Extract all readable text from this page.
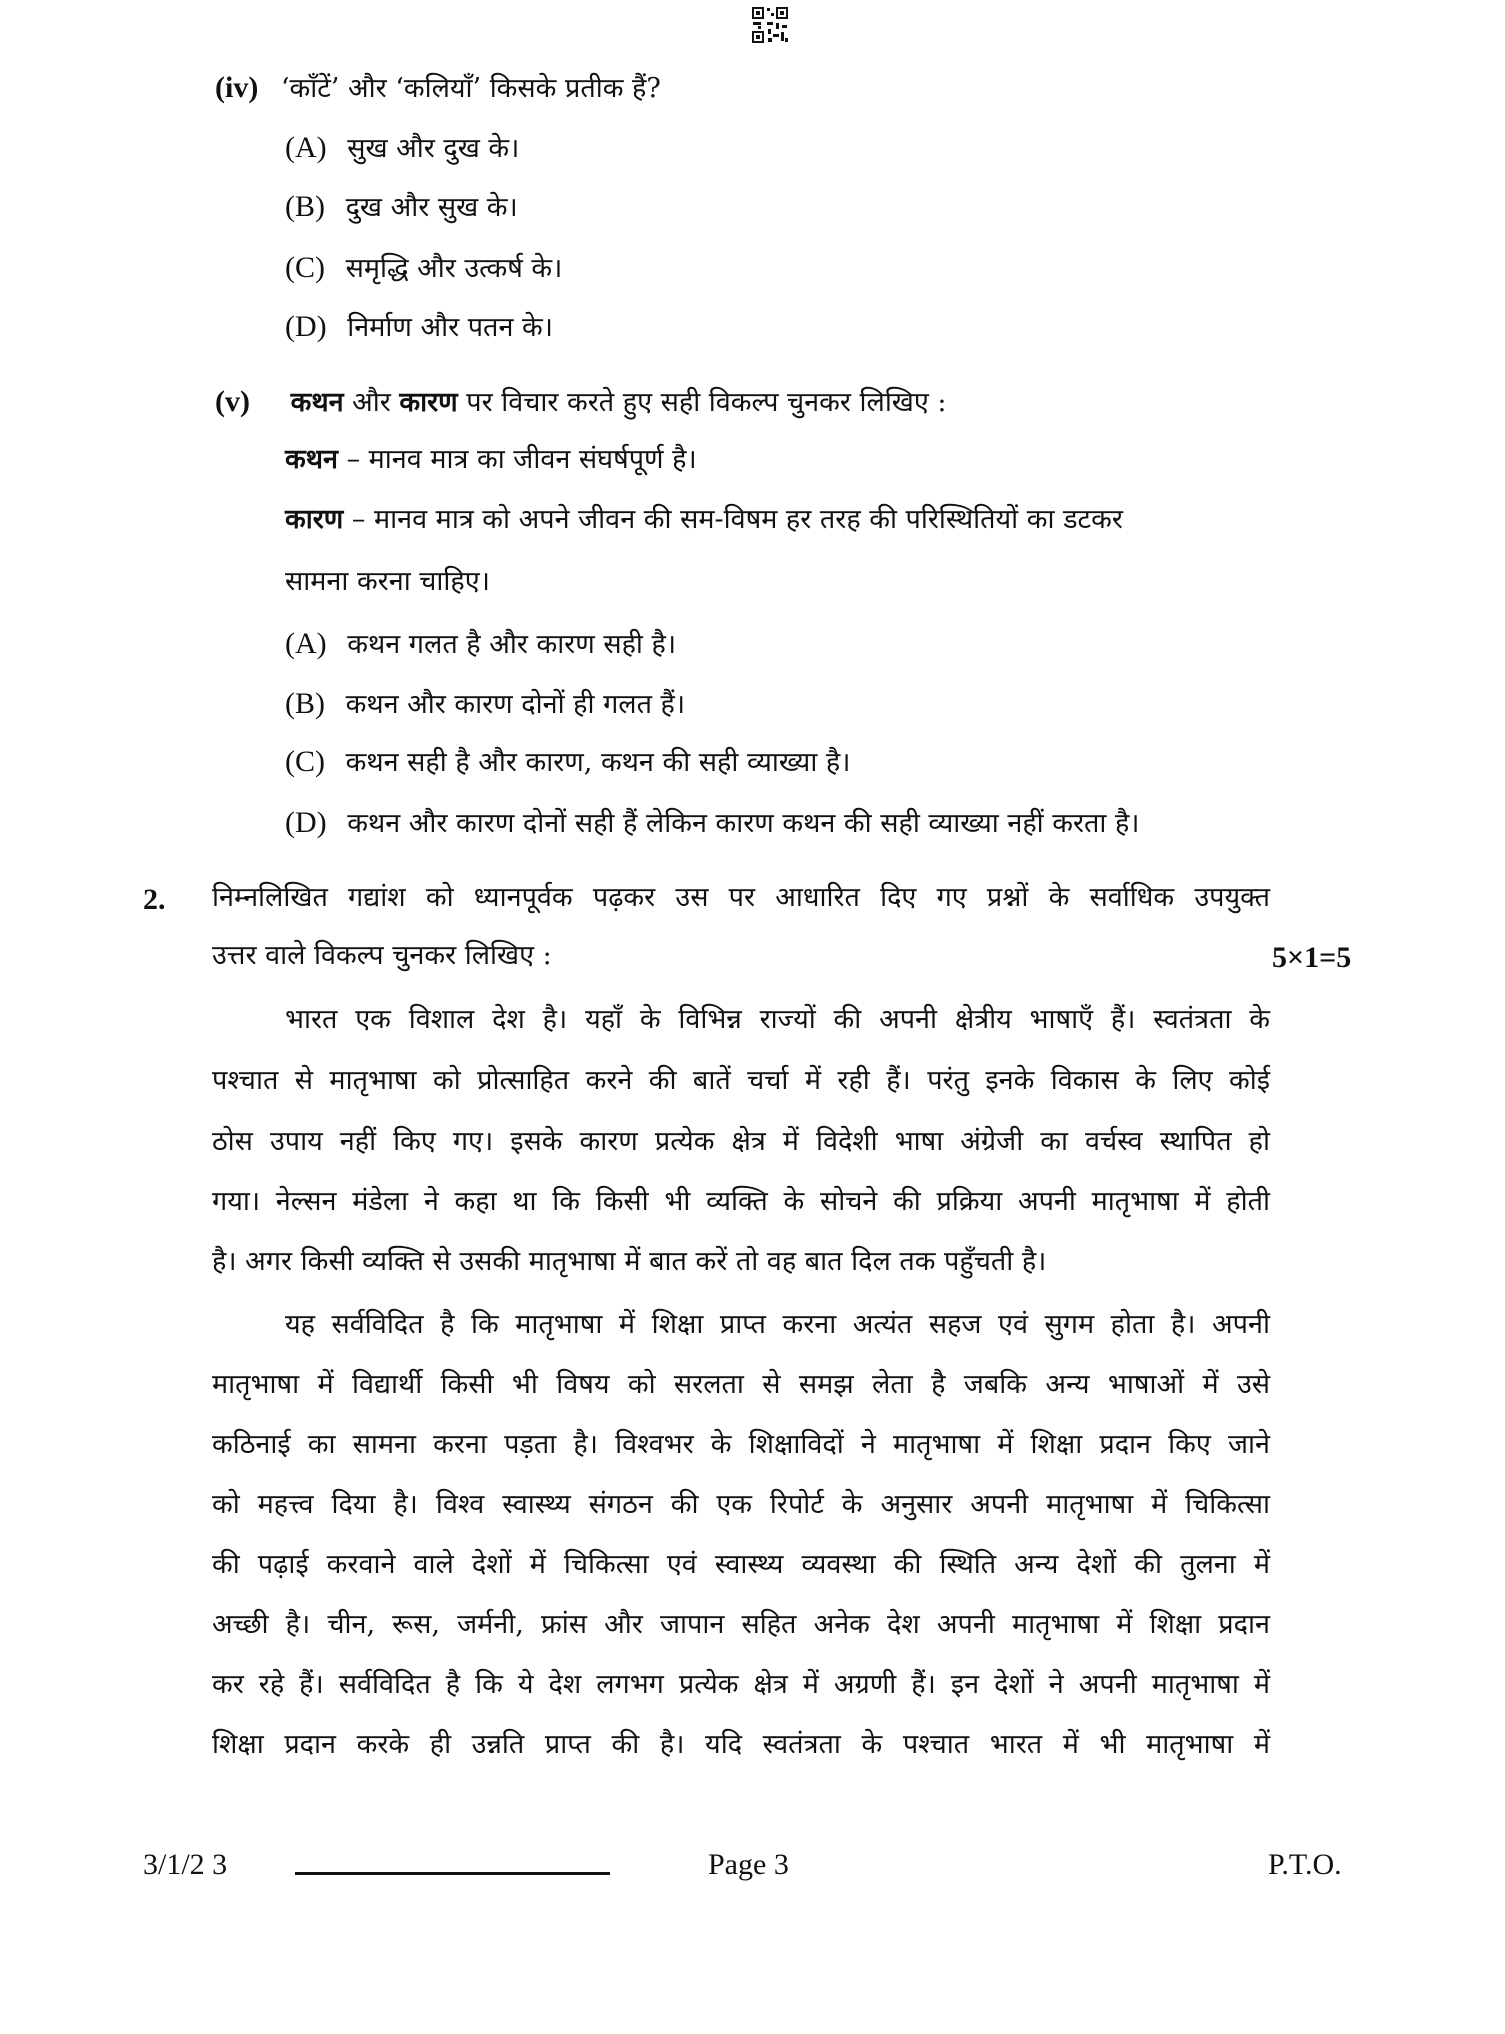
(iv) ‘काँटें’ और ‘कलियाँ’ किसके प्रतीक हैं?
(A) सुख और दुख के।
(B) दुख और सुख के।
(C) समृद्धि और उत्कर्ष के।
(D) निर्माण और पतन के।
(v) कथन और कारण पर विचार करते हुए सही विकल्प चुनकर लिखिए :
कथन – मानव मात्र का जीवन संघर्षपूर्ण है।
कारण – मानव मात्र को अपने जीवन की सम-विषम हर तरह की परिस्थितियों का डटकर
सामना करना चाहिए।
(A) कथन गलत है और कारण सही है।
(B) कथन और कारण दोनों ही गलत हैं।
(C) कथन सही है और कारण, कथन की सही व्याख्या है।
(D) कथन और कारण दोनों सही हैं लेकिन कारण कथन की सही व्याख्या नहीं करता है।
2. निम्नलिखित गद्यांश को ध्यानपूर्वक पढ़कर उस पर आधारित दिए गए प्रश्नों के सर्वाधिक उपयुक्त
उत्तर वाले विकल्प चुनकर लिखिए :	5×1=5
भारत एक विशाल देश है। यहाँ के विभिन्न राज्यों की अपनी क्षेत्रीय भाषाएँ हैं। स्वतंत्रता के
पश्चात से मातृभाषा को प्रोत्साहित करने की बातें चर्चा में रही हैं। परंतु इनके विकास के लिए कोई
ठोस उपाय नहीं किए गए। इसके कारण प्रत्येक क्षेत्र में विदेशी भाषा अंग्रेजी का वर्चस्व स्थापित हो
गया। नेल्सन मंडेला ने कहा था कि किसी भी व्यक्ति के सोचने की प्रक्रिया अपनी मातृभाषा में होती
है। अगर किसी व्यक्ति से उसकी मातृभाषा में बात करें तो वह बात दिल तक पहुँचती है।
यह सर्वविदित है कि मातृभाषा में शिक्षा प्राप्त करना अत्यंत सहज एवं सुगम होता है। अपनी
मातृभाषा में विद्यार्थी किसी भी विषय को सरलता से समझ लेता है जबकि अन्य भाषाओं में उसे
कठिनाई का सामना करना पड़ता है। विश्वभर के शिक्षाविदों ने मातृभाषा में शिक्षा प्रदान किए जाने
को महत्त्व दिया है। विश्व स्वास्थ्य संगठन की एक रिपोर्ट के अनुसार अपनी मातृभाषा में चिकित्सा
की पढ़ाई करवाने वाले देशों में चिकित्सा एवं स्वास्थ्य व्यवस्था की स्थिति अन्य देशों की तुलना में
अच्छी है। चीन, रूस, जर्मनी, फ्रांस और जापान सहित अनेक देश अपनी मातृभाषा में शिक्षा प्रदान
कर रहे हैं। सर्वविदित है कि ये देश लगभग प्रत्येक क्षेत्र में अग्रणी हैं। इन देशों ने अपनी मातृभाषा में
शिक्षा प्रदान करके ही उन्नति प्राप्त की है। यदि स्वतंत्रता के पश्चात भारत में भी मातृभाषा में
3/1/2 3	Page 3	P.T.O.
